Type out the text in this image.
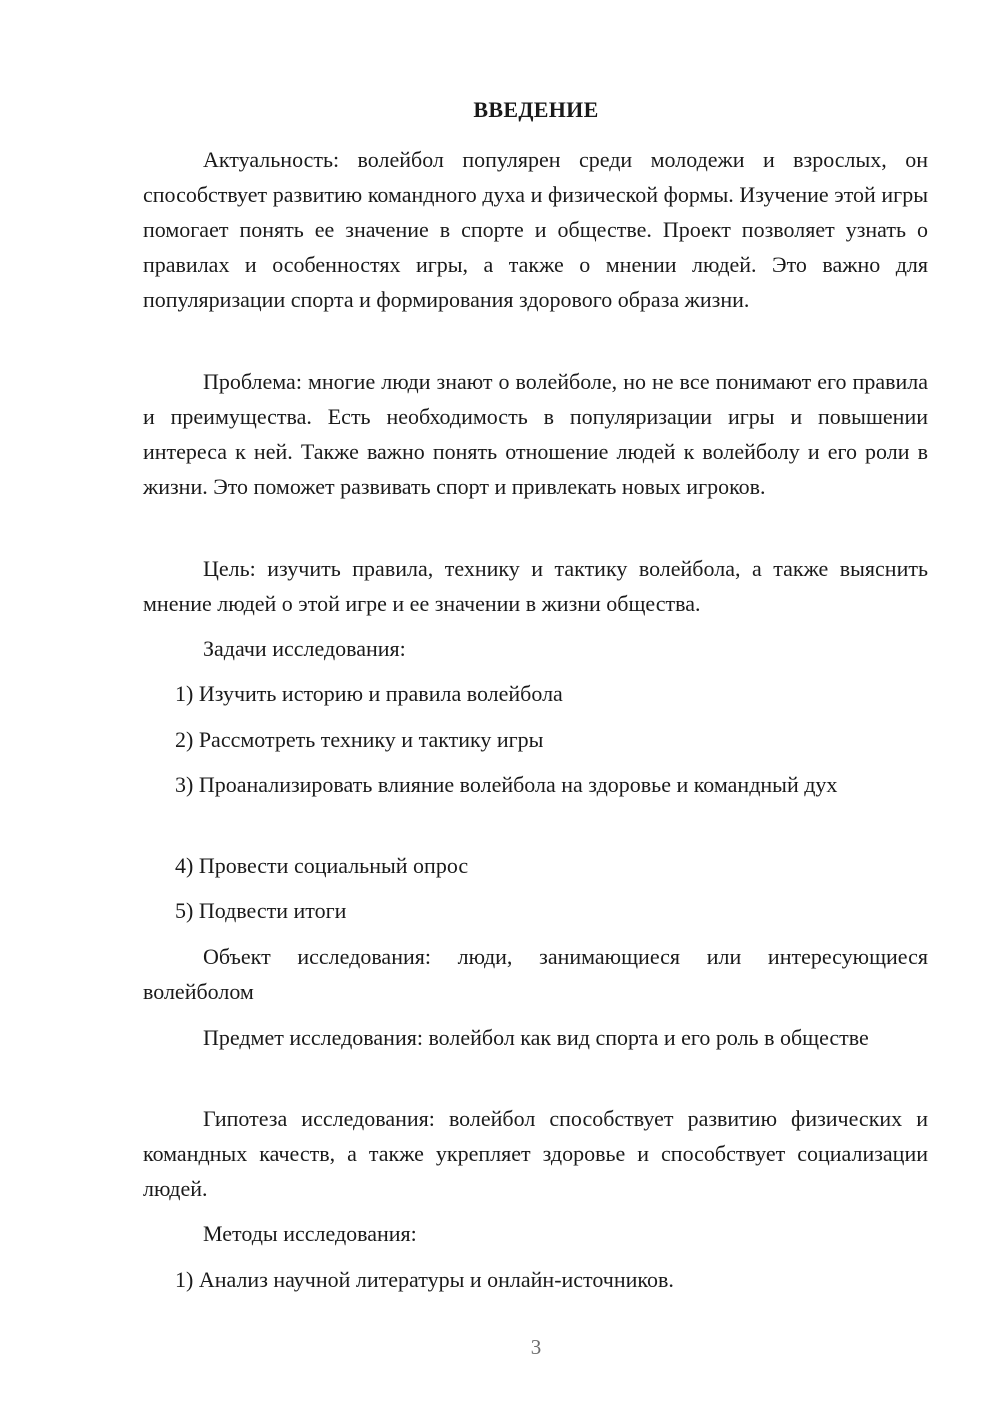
ВВЕДЕНИЕ

Актуальность: волейбол популярен среди молодежи и взрослых, он способствует развитию командного духа и физической формы. Изучение этой игры помогает понять ее значение в спорте и обществе. Проект позволяет узнать о правилах и особенностях игры, а также о мнении людей. Это важно для популяризации спорта и формирования здорового образа жизни.

Проблема: многие люди знают о волейболе, но не все понимают его правила и преимущества. Есть необходимость в популяризации игры и повышении интереса к ней. Также важно понять отношение людей к волейболу и его роли в жизни. Это поможет развивать спорт и привлекать новых игроков.

Цель: изучить правила, технику и тактику волейбола, а также выяснить мнение людей о этой игре и ее значении в жизни общества.

Задачи исследования:

1) Изучить историю и правила волейбола

2) Рассмотреть технику и тактику игры

3) Проанализировать влияние волейбола на здоровье и командный дух

4) Провести социальный опрос

5) Подвести итоги

Объект исследования: люди, занимающиеся или интересующиеся волейболом

Предмет исследования: волейбол как вид спорта и его роль в обществе

Гипотеза исследования: волейбол способствует развитию физических и командных качеств, а также укрепляет здоровье и способствует социализации людей.

Методы исследования:

1) Анализ научной литературы и онлайн-источников.

3
